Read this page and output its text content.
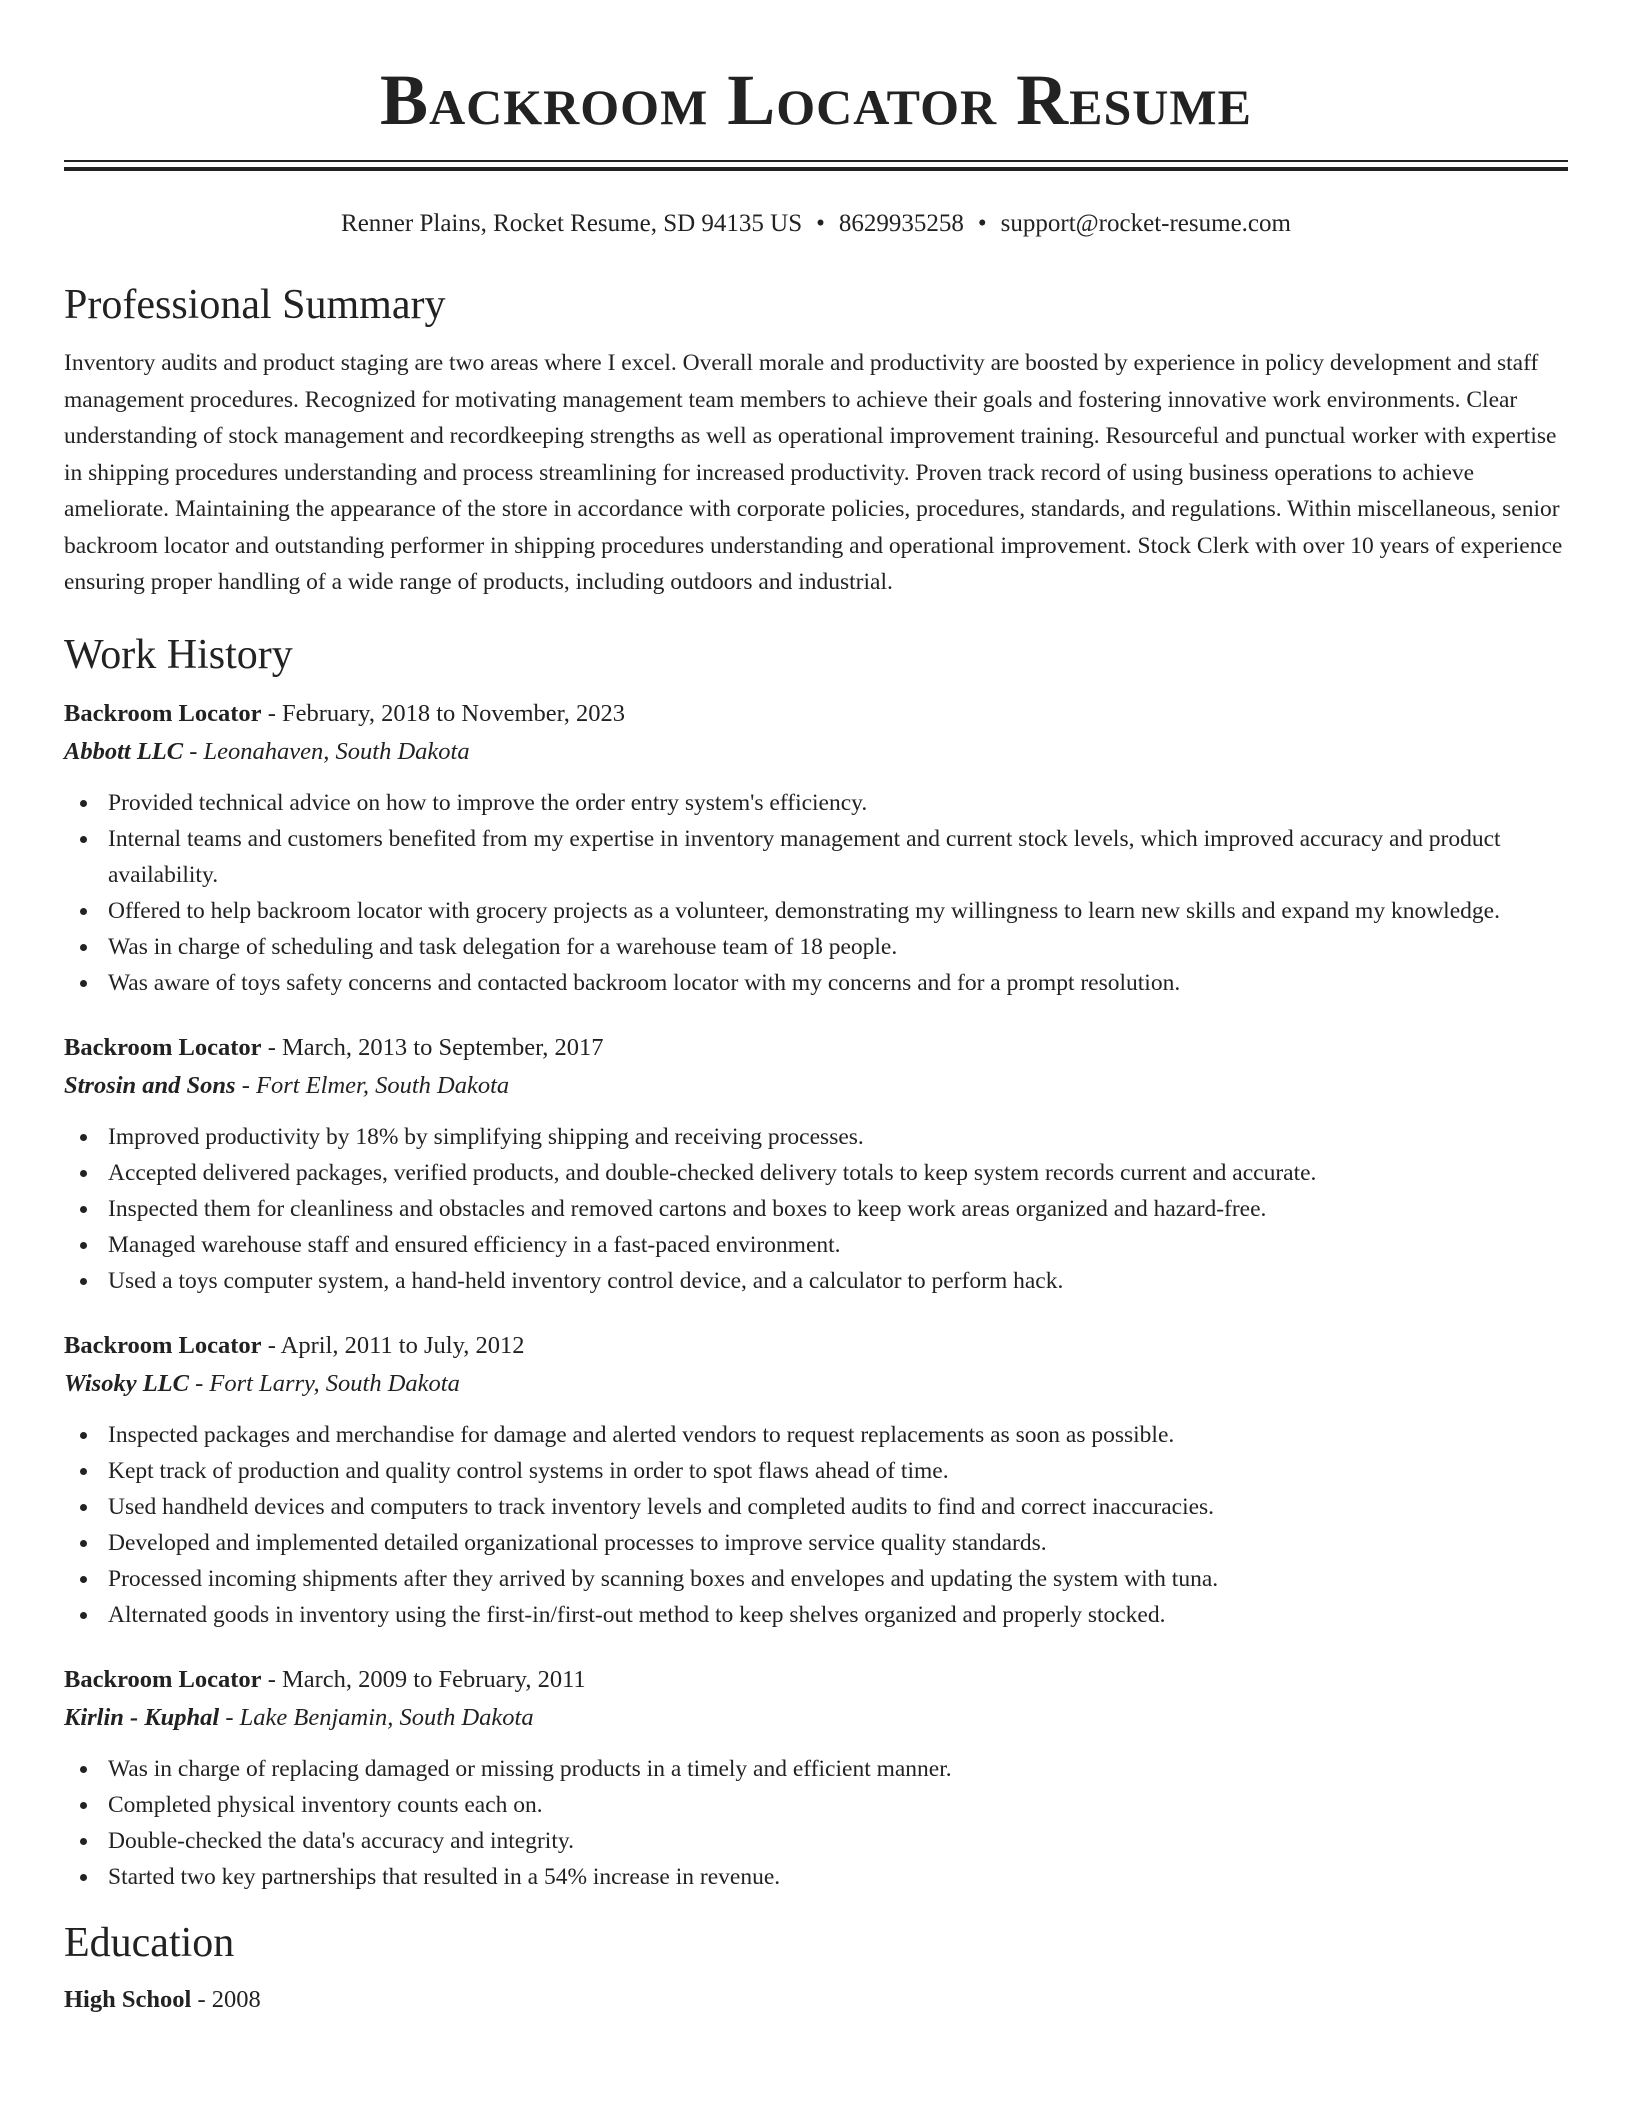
Backroom Locator Resume
Renner Plains, Rocket Resume, SD 94135 US • 8629935258 • support@rocket-resume.com
Professional Summary

Inventory audits and product staging are two areas where I excel. Overall morale and productivity are boosted by experience in policy development and staff management procedures. Recognized for motivating management team members to achieve their goals and fostering innovative work environments. Clear understanding of stock management and recordkeeping strengths as well as operational improvement training. Resourceful and punctual worker with expertise in shipping procedures understanding and process streamlining for increased productivity. Proven track record of using business operations to achieve ameliorate. Maintaining the appearance of the store in accordance with corporate policies, procedures, standards, and regulations. Within miscellaneous, senior backroom locator and outstanding performer in shipping procedures understanding and operational improvement. Stock Clerk with over 10 years of experience ensuring proper handling of a wide range of products, including outdoors and industrial.

Work History
Backroom Locator - February, 2018 to November, 2023
Abbott LLC - Leonahaven, South Dakota
Provided technical advice on how to improve the order entry system's efficiency.
Internal teams and customers benefited from my expertise in inventory management and current stock levels, which improved accuracy and product availability.
Offered to help backroom locator with grocery projects as a volunteer, demonstrating my willingness to learn new skills and expand my knowledge.
Was in charge of scheduling and task delegation for a warehouse team of 18 people.
Was aware of toys safety concerns and contacted backroom locator with my concerns and for a prompt resolution.
Backroom Locator - March, 2013 to September, 2017
Strosin and Sons - Fort Elmer, South Dakota
Improved productivity by 18% by simplifying shipping and receiving processes.
Accepted delivered packages, verified products, and double-checked delivery totals to keep system records current and accurate.
Inspected them for cleanliness and obstacles and removed cartons and boxes to keep work areas organized and hazard-free.
Managed warehouse staff and ensured efficiency in a fast-paced environment.
Used a toys computer system, a hand-held inventory control device, and a calculator to perform hack.
Backroom Locator - April, 2011 to July, 2012
Wisoky LLC - Fort Larry, South Dakota
Inspected packages and merchandise for damage and alerted vendors to request replacements as soon as possible.
Kept track of production and quality control systems in order to spot flaws ahead of time.
Used handheld devices and computers to track inventory levels and completed audits to find and correct inaccuracies.
Developed and implemented detailed organizational processes to improve service quality standards.
Processed incoming shipments after they arrived by scanning boxes and envelopes and updating the system with tuna.
Alternated goods in inventory using the first-in/first-out method to keep shelves organized and properly stocked.
Backroom Locator - March, 2009 to February, 2011
Kirlin - Kuphal - Lake Benjamin, South Dakota
Was in charge of replacing damaged or missing products in a timely and efficient manner.
Completed physical inventory counts each on.
Double-checked the data's accuracy and integrity.
Started two key partnerships that resulted in a 54% increase in revenue.
Education
High School - 2008
